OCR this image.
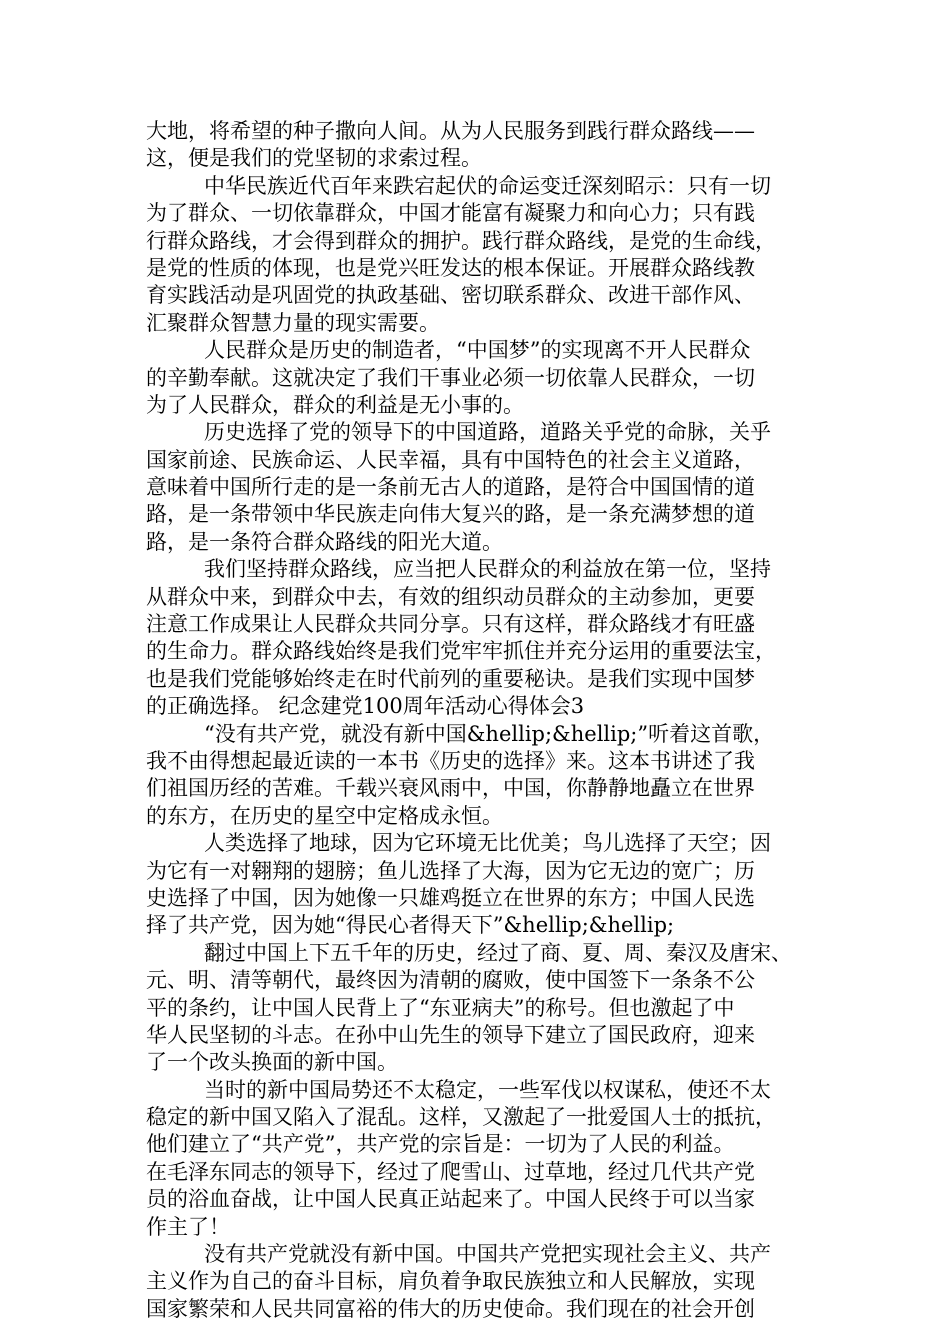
大地，将希望的种子撒向人间。从为人民服务到践行群众路线——
这，便是我们的党坚韧的求索过程。
中华民族近代百年来跌宕起伏的命运变迁深刻昭示：只有一切
为了群众、一切依靠群众，中国才能富有凝聚力和向心力；只有践
行群众路线，才会得到群众的拥护。践行群众路线，是党的生命线，
是党的性质的体现，也是党兴旺发达的根本保证。开展群众路线教
育实践活动是巩固党的执政基础、密切联系群众、改进干部作风、
汇聚群众智慧力量的现实需要。
人民群众是历史的制造者，“中国梦”的实现离不开人民群众
的辛勤奉献。这就决定了我们干事业必须一切依靠人民群众，一切
为了人民群众，群众的利益是无小事的。
历史选择了党的领导下的中国道路，道路关乎党的命脉，关乎
国家前途、民族命运、人民幸福，具有中国特色的社会主义道路，
意味着中国所行走的是一条前无古人的道路，是符合中国国情的道
路，是一条带领中华民族走向伟大复兴的路，是一条充满梦想的道
路，是一条符合群众路线的阳光大道。
我们坚持群众路线，应当把人民群众的利益放在第一位，坚持
从群众中来，到群众中去，有效的组织动员群众的主动参加，更要
注意工作成果让人民群众共同分享。只有这样，群众路线才有旺盛
的生命力。群众路线始终是我们党牢牢抓住并充分运用的重要法宝，
也是我们党能够始终走在时代前列的重要秘诀。是我们实现中国梦
的正确选择。 纪念建党100周年活动心得体会3
“没有共产党，就没有新中国&hellip;&hellip;”听着这首歌，
我不由得想起最近读的一本书《历史的选择》来。这本书讲述了我
们祖国历经的苦难。千载兴衰风雨中，中国，你静静地矗立在世界
的东方，在历史的星空中定格成永恒。
人类选择了地球，因为它环境无比优美；鸟儿选择了天空；因
为它有一对翱翔的翅膀；鱼儿选择了大海，因为它无边的宽广；历
史选择了中国，因为她像一只雄鸡挺立在世界的东方；中国人民选
择了共产党，因为她“得民心者得天下”&hellip;&hellip;
翻过中国上下五千年的历史，经过了商、夏、周、秦汉及唐宋、
元、明、清等朝代，最终因为清朝的腐败，使中国签下一条条不公
平的条约，让中国人民背上了“东亚病夫”的称号。但也激起了中
华人民坚韧的斗志。在孙中山先生的领导下建立了国民政府，迎来
了一个改头换面的新中国。
当时的新中国局势还不太稳定，一些军伐以权谋私，使还不太
稳定的新中国又陷入了混乱。这样，又激起了一批爱国人士的抵抗，
他们建立了“共产党”，共产党的宗旨是：一切为了人民的利益。
在毛泽东同志的领导下，经过了爬雪山、过草地，经过几代共产党
员的浴血奋战，让中国人民真正站起来了。中国人民终于可以当家
作主了！
没有共产党就没有新中国。中国共产党把实现社会主义、共产
主义作为自己的奋斗目标，肩负着争取民族独立和人民解放，实现
国家繁荣和人民共同富裕的伟大的历史使命。我们现在的社会开创
